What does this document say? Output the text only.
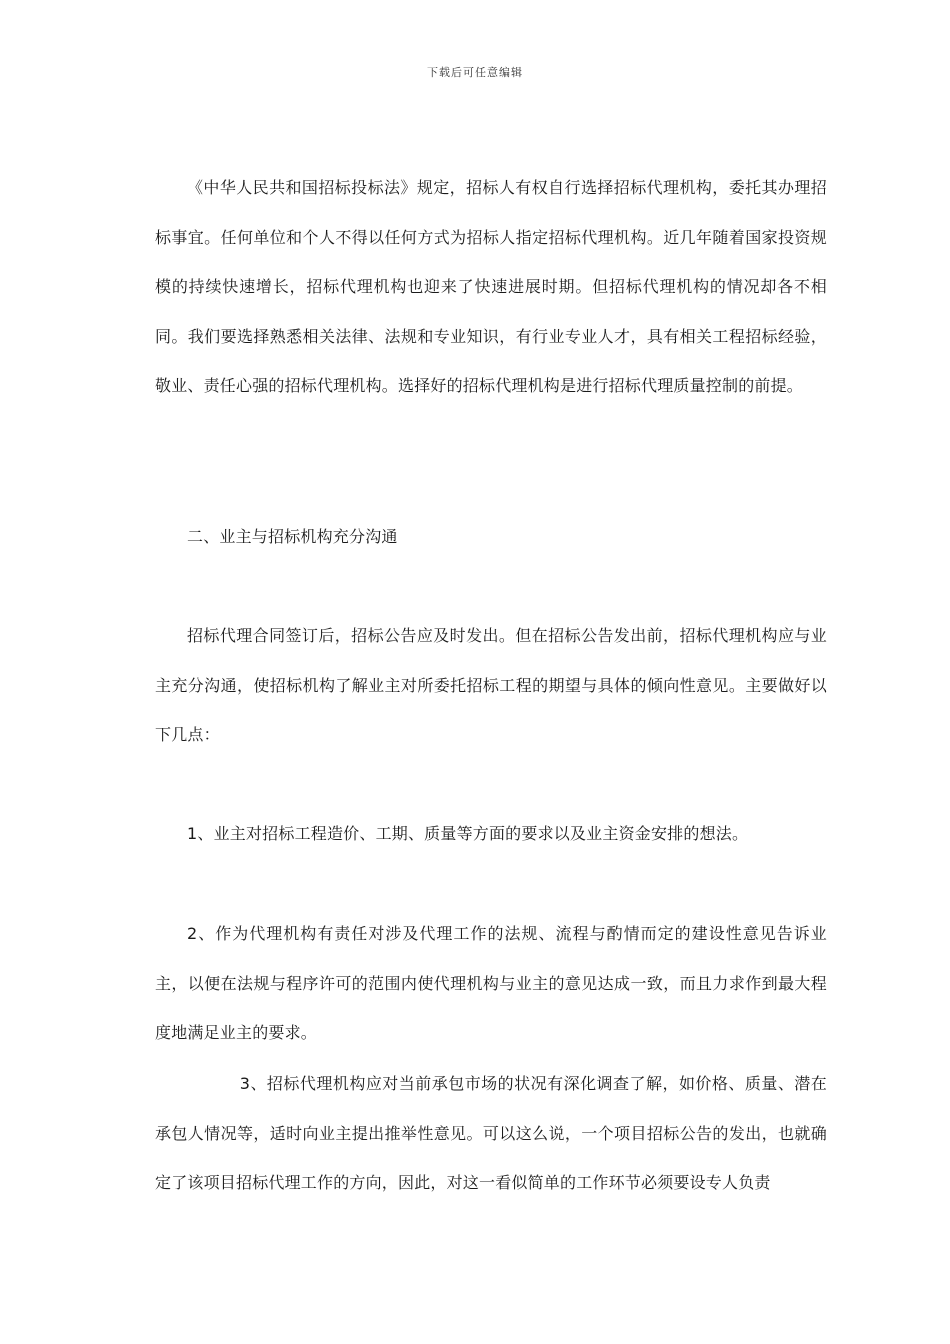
下载后可任意编辑

《中华人民共和国招标投标法》规定，招标人有权自行选择招标代理机构，委托其办理招标事宜。任何单位和个人不得以任何方式为招标人指定招标代理机构。近几年随着国家投资规模的持续快速增长，招标代理机构也迎来了快速进展时期。但招标代理机构的情况却各不相同。我们要选择熟悉相关法律、法规和专业知识，有行业专业人才，具有相关工程招标经验，敬业、责任心强的招标代理机构。选择好的招标代理机构是进行招标代理质量控制的前提。

二、业主与招标机构充分沟通

招标代理合同签订后，招标公告应及时发出。但在招标公告发出前，招标代理机构应与业主充分沟通，使招标机构了解业主对所委托招标工程的期望与具体的倾向性意见。主要做好以下几点：

1、业主对招标工程造价、工期、质量等方面的要求以及业主资金安排的想法。

2、作为代理机构有责任对涉及代理工作的法规、流程与酌情而定的建设性意见告诉业主，以便在法规与程序许可的范围内使代理机构与业主的意见达成一致，而且力求作到最大程度地满足业主的要求。

3、招标代理机构应对当前承包市场的状况有深化调查了解，如价格、质量、潜在承包人情况等，适时向业主提出推举性意见。可以这么说，一个项目招标公告的发出，也就确定了该项目招标代理工作的方向，因此，对这一看似简单的工作环节必须要设专人负责
